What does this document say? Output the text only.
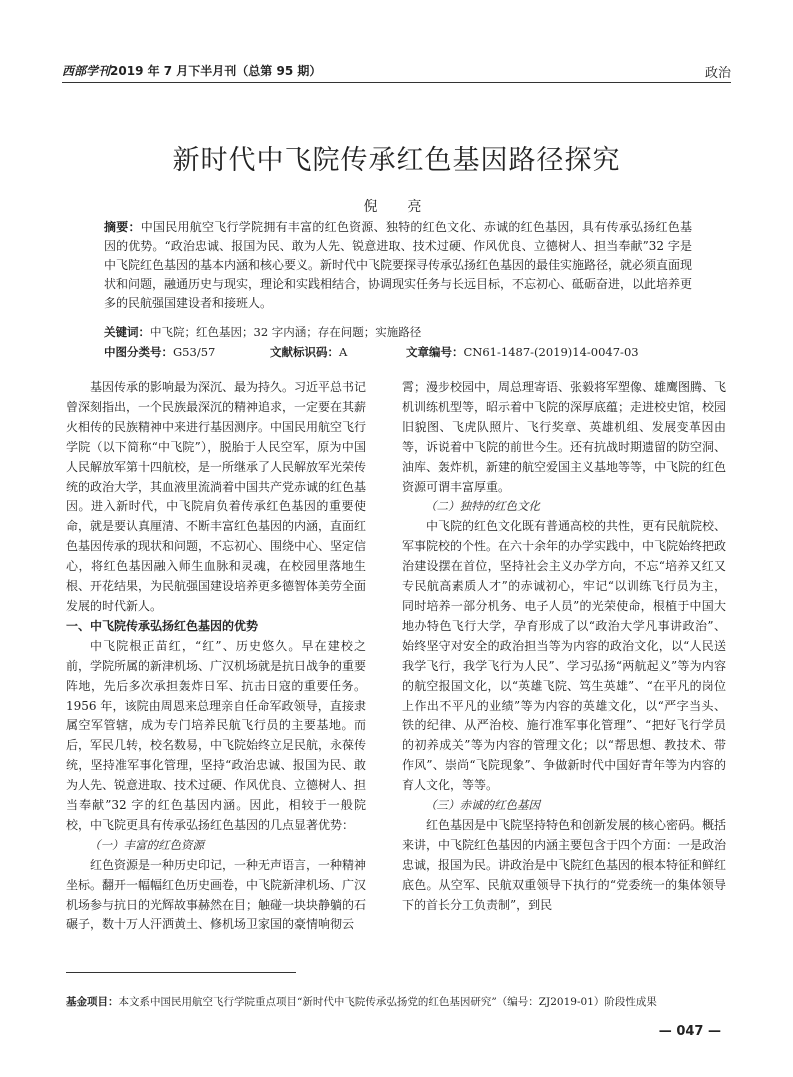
西部学刊2019 年 7 月下半月刊（总第 95 期）	政治
新时代中飞院传承红色基因路径探究
倪　亮
摘要：中国民用航空飞行学院拥有丰富的红色资源、独特的红色文化、赤诚的红色基因，具有传承弘扬红色基因的优势。“政治忠诚、报国为民、敢为人先、锐意进取、技术过硬、作风优良、立德树人、担当奉献”32 字是中飞院红色基因的基本内涵和核心要义。新时代中飞院要探寻传承弘扬红色基因的最佳实施路径，就必须直面现状和问题，融通历史与现实，理论和实践相结合，协调现实任务与长远目标，不忘初心、砥砺奋进，以此培养更多的民航强国建设者和接班人。
关键词：中飞院；红色基因；32 字内涵；存在问题；实施路径
中图分类号：G53/57	文献标识码：A	文章编号：CN61-1487-(2019)14-0047-03

基因传承的影响最为深沉、最为持久。习近平总书记曾深刻指出，一个民族最深沉的精神追求，一定要在其薪火相传的民族精神中来进行基因测序。中国民用航空飞行学院（以下简称“中飞院”），脱胎于人民空军，原为中国人民解放军第十四航校，是一所继承了人民解放军光荣传统的政治大学，其血液里流淌着中国共产党赤诚的红色基因。进入新时代，中飞院肩负着传承红色基因的重要使命，就是要认真厘清、不断丰富红色基因的内涵，直面红色基因传承的现状和问题，不忘初心、围绕中心、坚定信心，将红色基因融入师生血脉和灵魂，在校园里落地生根、开花结果，为民航强国建设培养更多德智体美劳全面发展的时代新人。

一、中飞院传承弘扬红色基因的优势

中飞院根正苗红，“红”、历史悠久。早在建校之前，学院所属的新津机场、广汉机场就是抗日战争的重要阵地，先后多次承担轰炸日军、抗击日寇的重要任务。1956 年，该院由周恩来总理亲自任命军政领导，直接隶属空军管辖，成为专门培养民航飞行员的主要基地。而后，军民几转，校名数易，中飞院始终立足民航，永葆传统，坚持准军事化管理，坚持“政治忠诚、报国为民、敢为人先、锐意进取、技术过硬、作风优良、立德树人、担当奉献”32 字的红色基因内涵。因此，相较于一般院校，中飞院更具有传承弘扬红色基因的几点显著优势：

（一）丰富的红色资源

红色资源是一种历史印记，一种无声语言，一种精神坐标。翻开一幅幅红色历史画卷，中飞院新津机场、广汉机场参与抗日的光辉故事赫然在目；触碰一块块静躺的石碾子，数十万人汗洒黄土、修机场卫家国的豪情响彻云

霄；漫步校园中，周总理寄语、张毅将军塑像、雄鹰图腾、飞机训练机型等，昭示着中飞院的深厚底蕴；走进校史馆，校园旧貌图、飞虎队照片、飞行奖章、英雄机组、发展变革因由等，诉说着中飞院的前世今生。还有抗战时期遗留的防空洞、油库、轰炸机，新建的航空爱国主义基地等等，中飞院的红色资源可谓丰富厚重。

（二）独特的红色文化

中飞院的红色文化既有普通高校的共性，更有民航院校、军事院校的个性。在六十余年的办学实践中，中飞院始终把政治建设摆在首位，坚持社会主义办学方向，不忘“培养又红又专民航高素质人才”的赤诚初心，牢记“以训练飞行员为主，同时培养一部分机务、电子人员”的光荣使命，根植于中国大地办特色飞行大学，孕育形成了以“政治大学凡事讲政治”、始终坚守对安全的政治担当等为内容的政治文化，以“人民送我学飞行，我学飞行为人民”、学习弘扬“两航起义”等为内容的航空报国文化，以“英雄飞院、笃生英雄”、“在平凡的岗位上作出不平凡的业绩”等为内容的英雄文化，以“严字当头、铁的纪律、从严治校、施行准军事化管理”、“把好飞行学员的初养成关”等为内容的管理文化；以“帮思想、教技术、带作风”、崇尚“飞院现象”、争做新时代中国好青年等为内容的育人文化，等等。

（三）赤诚的红色基因

红色基因是中飞院坚持特色和创新发展的核心密码。概括来讲，中飞院红色基因的内涵主要包含于四个方面：一是政治忠诚，报国为民。讲政治是中飞院红色基因的根本特征和鲜红底色。从空军、民航双重领导下执行的“党委统一的集体领导下的首长分工负责制”，到民

基金项目：本文系中国民用航空飞行学院重点项目“新时代中飞院传承弘扬党的红色基因研究”（编号：ZJ2019-01）阶段性成果
— 047 —
